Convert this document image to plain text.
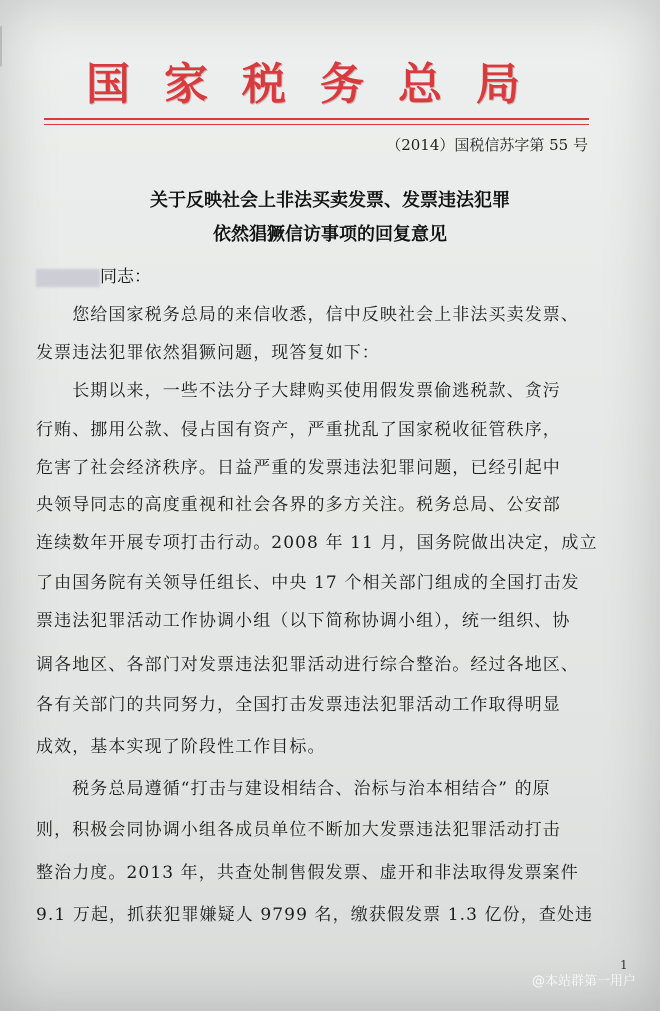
国家税务总局
（2014）国税信苏字第 55 号
关于反映社会上非法买卖发票、发票违法犯罪
依然猖獗信访事项的回复意见
同志：
　　您给国家税务总局的来信收悉，信中反映社会上非法买卖发票、
发票违法犯罪依然猖獗问题，现答复如下：
　　长期以来，一些不法分子大肆购买使用假发票偷逃税款、贪污
行贿、挪用公款、侵占国有资产，严重扰乱了国家税收征管秩序，
危害了社会经济秩序。日益严重的发票违法犯罪问题，已经引起中
央领导同志的高度重视和社会各界的多方关注。税务总局、公安部
连续数年开展专项打击行动。2008 年 11 月，国务院做出决定，成立
了由国务院有关领导任组长、中央 17 个相关部门组成的全国打击发
票违法犯罪活动工作协调小组（以下简称协调小组），统一组织、协
调各地区、各部门对发票违法犯罪活动进行综合整治。经过各地区、
各有关部门的共同努力，全国打击发票违法犯罪活动工作取得明显
成效，基本实现了阶段性工作目标。
　　税务总局遵循“打击与建设相结合、治标与治本相结合” 的原
则，积极会同协调小组各成员单位不断加大发票违法犯罪活动打击
整治力度。2013 年，共查处制售假发票、虚开和非法取得发票案件
9.1 万起，抓获犯罪嫌疑人 9799 名，缴获假发票 1.3 亿份，查处违
1
@本站群第一用户
